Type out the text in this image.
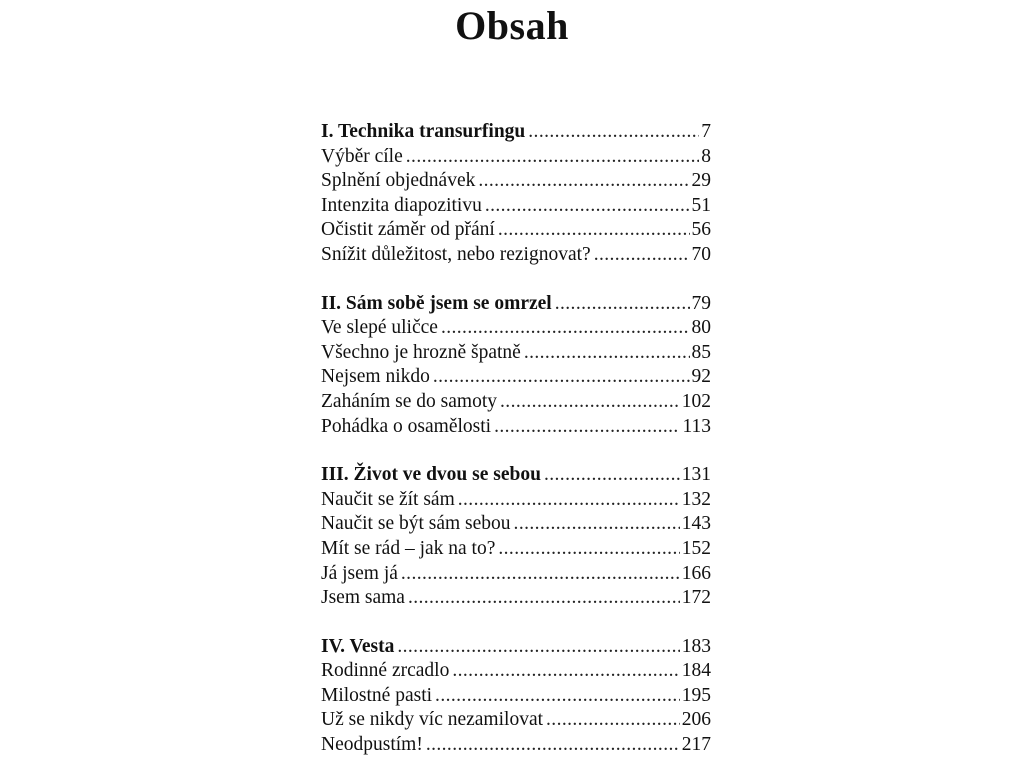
Obsah
I. Technika transurfingu .....	7
Výběr cíle .....	8
Splnění objednávek .....	29
Intenzita diapozitivu .....	51
Očistit záměr od přání .....	56
Snížit důležitost, nebo rezignovat? .....	70
II. Sám sobě jsem se omrzel .....	79
Ve slepé uličce .....	80
Všechno je hrozně špatně .....	85
Nejsem nikdo .....	92
Zaháním se do samoty .....	102
Pohádka o osamělosti .....	113
III. Život ve dvou se sebou .....	131
Naučit se žít sám .....	132
Naučit se být sám sebou .....	143
Mít se rád – jak na to? .....	152
Já jsem já .....	166
Jsem sama .....	172
IV. Vesta .....	183
Rodinné zrcadlo .....	184
Milostné pasti .....	195
Už se nikdy víc nezamilovat .....	206
Neodpustím! .....	217
